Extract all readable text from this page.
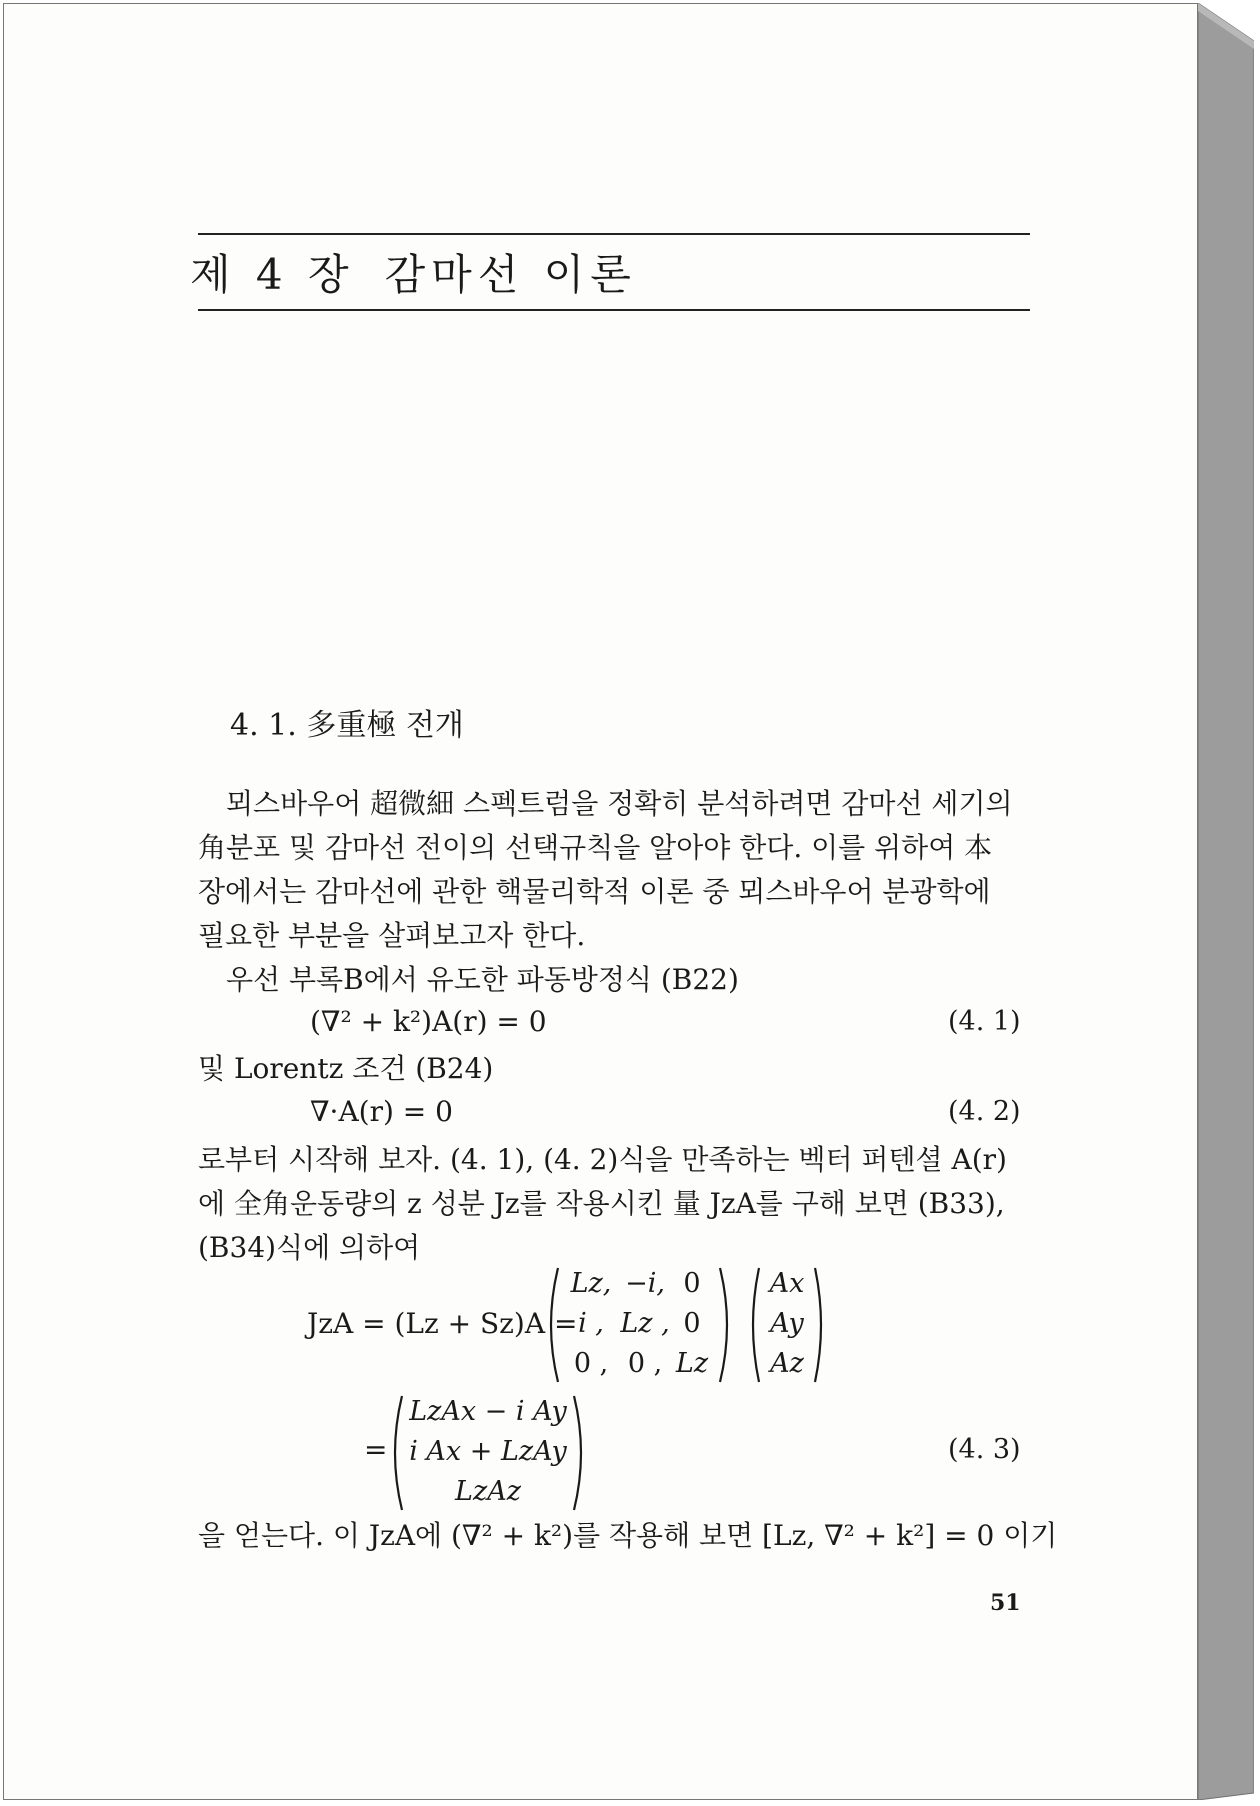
제 4 장 감마선 이론
4. 1. 多重極 전개
뫼스바우어 超微細 스펙트럼을 정확히 분석하려면 감마선 세기의
角분포 및 감마선 전이의 선택규칙을 알아야 한다. 이를 위하여 本
장에서는 감마선에 관한 핵물리학적 이론 중 뫼스바우어 분광학에
필요한 부분을 살펴보고자 한다.
우선 부록B에서 유도한 파동방정식 (B22)
(∇² + k²)A(r) = 0	(4. 1)
및 Lorentz 조건 (B24)
∇·A(r) = 0	(4. 2)
로부터 시작해 보자. (4. 1), (4. 2)식을 만족하는 벡터 퍼텐셜 A(r)
에 全角운동량의 z 성분 Jz를 작용시킨 量 JzA를 구해 보면 (B33),
(B34)식에 의하여
JzA = (Lz + Sz)A =
Lz, −i, 0
i , Lz , 0
0 , 0 , Lz
Ax
Ay
Az
=
LzAx − i Ay
i Ax + LzAy
LzAz
(4. 3)
을 얻는다. 이 JzA에 (∇² + k²)를 작용해 보면 [Lz, ∇² + k²] = 0 이기
51
